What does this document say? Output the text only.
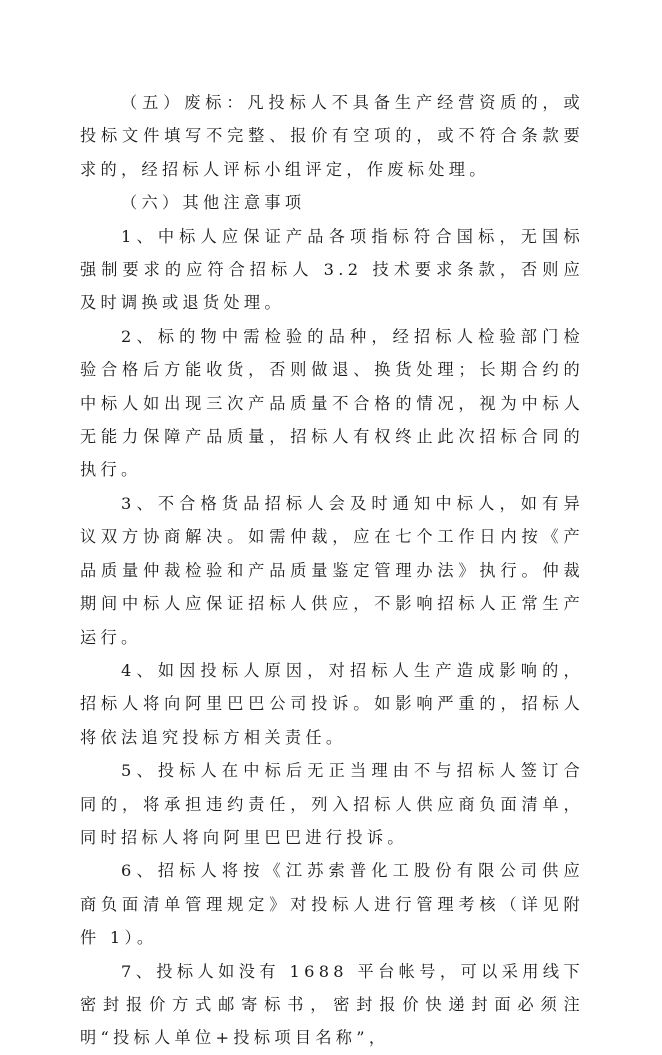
（五）废标：凡投标人不具备生产经营资质的，或投标文件填写不完整、报价有空项的，或不符合条款要求的，经招标人评标小组评定，作废标处理。

（六）其他注意事项

1、中标人应保证产品各项指标符合国标，无国标强制要求的应符合招标人 3.2 技术要求条款，否则应及时调换或退货处理。

2、标的物中需检验的品种，经招标人检验部门检验合格后方能收货，否则做退、换货处理；长期合约的中标人如出现三次产品质量不合格的情况，视为中标人无能力保障产品质量，招标人有权终止此次招标合同的执行。

3、不合格货品招标人会及时通知中标人，如有异议双方协商解决。如需仲裁，应在七个工作日内按《产品质量仲裁检验和产品质量鉴定管理办法》执行。仲裁期间中标人应保证招标人供应，不影响招标人正常生产运行。

4、如因投标人原因，对招标人生产造成影响的，招标人将向阿里巴巴公司投诉。如影响严重的，招标人将依法追究投标方相关责任。

5、投标人在中标后无正当理由不与招标人签订合同的，将承担违约责任，列入招标人供应商负面清单，同时招标人将向阿里巴巴进行投诉。

6、招标人将按《江苏索普化工股份有限公司供应商负面清单管理规定》对投标人进行管理考核（详见附件 1）。

7、投标人如没有 1688 平台帐号，可以采用线下密封报价方式邮寄标书，密封报价快递封面必须注明“投标人单位+投标项目名称”，
